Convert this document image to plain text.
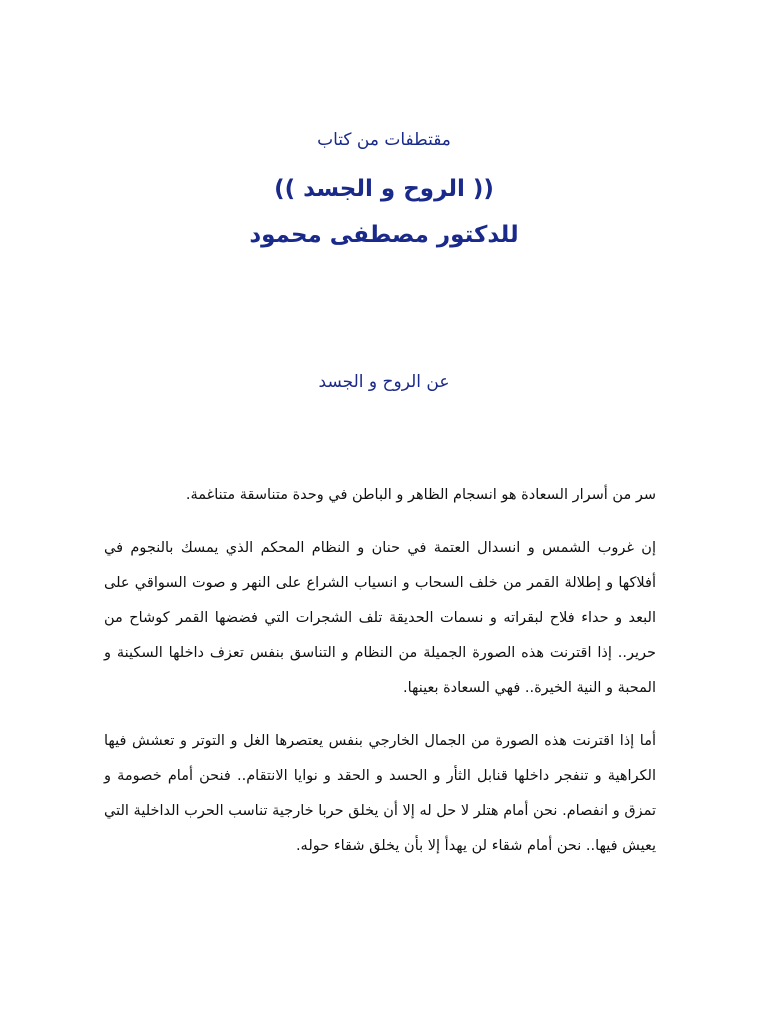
مقتطفات من كتاب

(( الروح و الجسد ))
للدكتور مصطفى محمود
عن الروح و الجسد

سر من أسرار السعادة هو انسجام الظاهر و الباطن في وحدة متناسقة متناغمة.

إن غروب الشمس و انسدال العتمة في حنان و النظام المحكم الذي يمسك بالنجوم في أفلاكها و إطلالة القمر من خلف السحاب و انسياب الشراع على النهر و صوت السواقي على البعد و حداء فلاح لبقراته و نسمات الحديقة تلف الشجرات التي فضضها القمر كوشاح من حرير.. إذا اقترنت هذه الصورة الجميلة من النظام و التناسق بنفس تعزف داخلها السكينة و المحبة و النية الخيرة.. فهي السعادة بعينها.

أما إذا اقترنت هذه الصورة من الجمال الخارجي بنفس يعتصرها الغل و التوتر و تعشش فيها الكراهية و تنفجر داخلها قنابل الثأر و الحسد و الحقد و نوايا الانتقام.. فنحن أمام خصومة و تمزق و انفصام. نحن أمام هتلر لا حل له إلا أن يخلق حربا خارجية تناسب الحرب الداخلية التي يعيش فيها.. نحن أمام شقاء لن يهدأ إلا بأن يخلق شقاء حوله.
